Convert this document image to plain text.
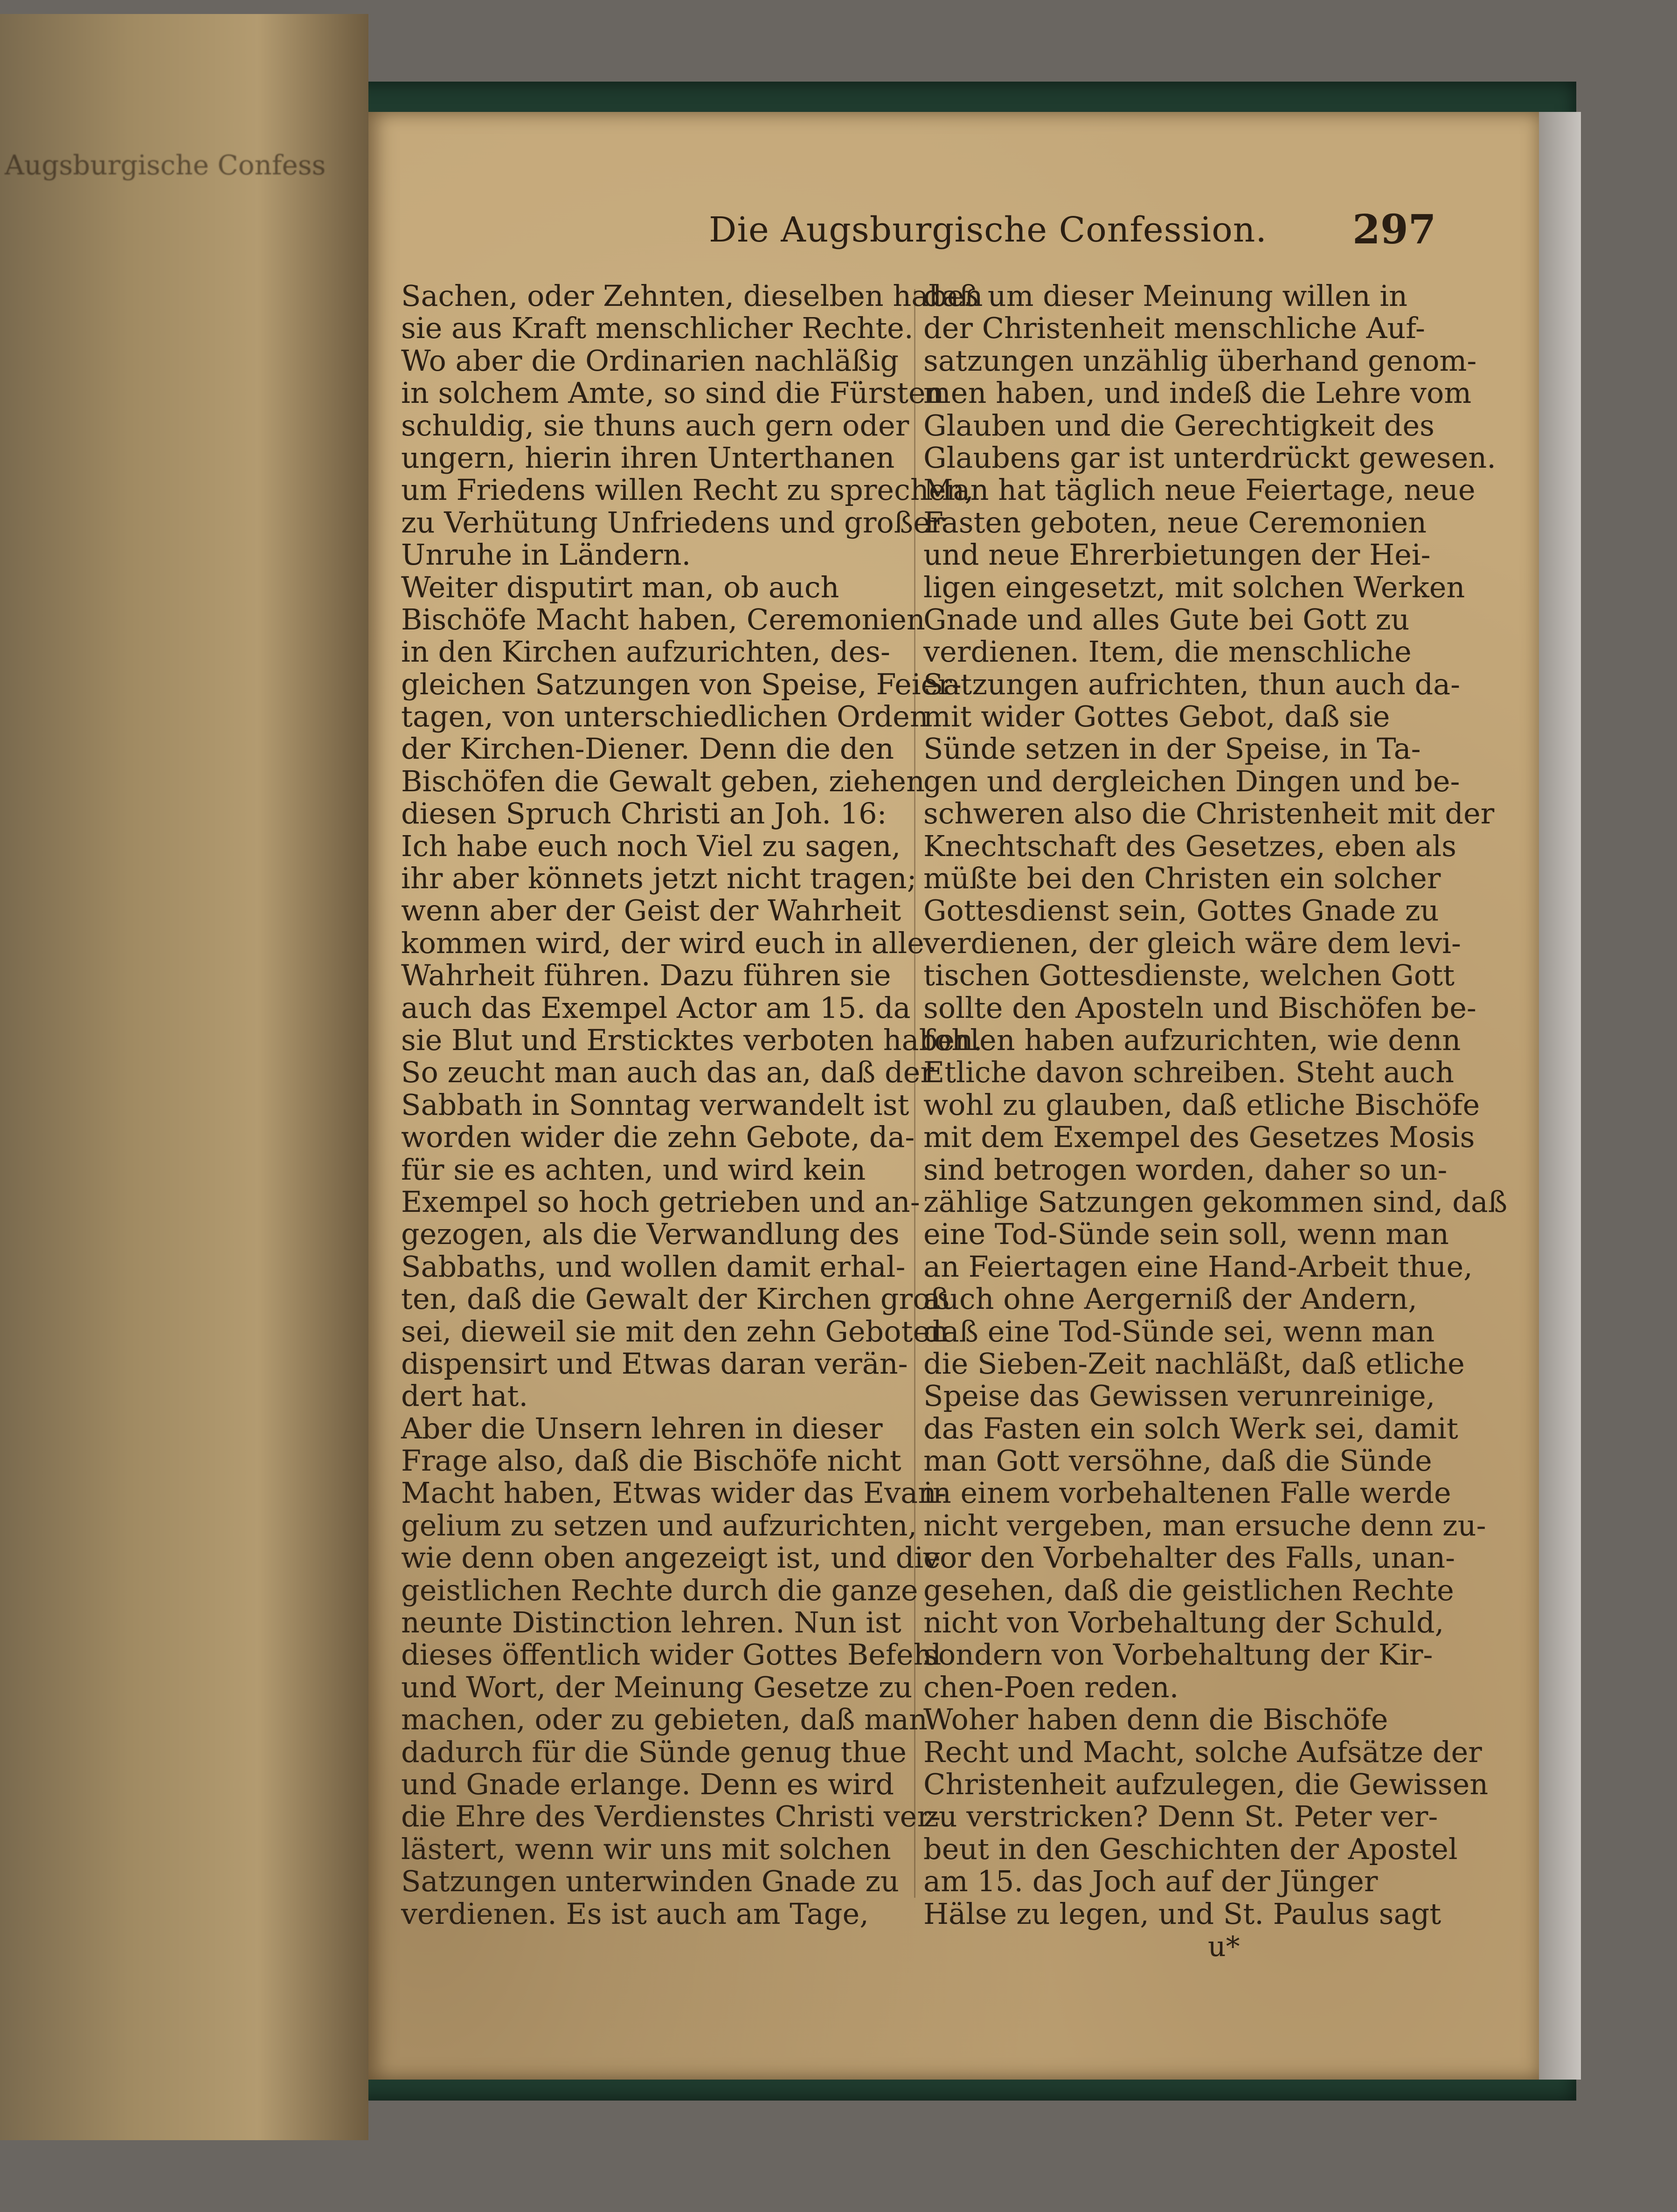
Augsburgische Confess
Die Augsburgische Confession. 297
Sachen, oder Zehnten, dieselben haben
sie aus Kraft menschlicher Rechte.
Wo aber die Ordinarien nachläßig
in solchem Amte, so sind die Fürsten
schuldig, sie thuns auch gern oder
ungern, hierin ihren Unterthanen
um Friedens willen Recht zu sprechen,
zu Verhütung Unfriedens und großer
Unruhe in Ländern.
Weiter disputirt man, ob auch
Bischöfe Macht haben, Ceremonien
in den Kirchen aufzurichten, des-
gleichen Satzungen von Speise, Feier-
tagen, von unterschiedlichen Orden
der Kirchen-Diener. Denn die den
Bischöfen die Gewalt geben, ziehen
diesen Spruch Christi an Joh. 16:
Ich habe euch noch Viel zu sagen,
ihr aber könnets jetzt nicht tragen;
wenn aber der Geist der Wahrheit
kommen wird, der wird euch in alle
Wahrheit führen. Dazu führen sie
auch das Exempel Actor am 15. da
sie Blut und Ersticktes verboten haben.
So zeucht man auch das an, daß der
Sabbath in Sonntag verwandelt ist
worden wider die zehn Gebote, da-
für sie es achten, und wird kein
Exempel so hoch getrieben und an-
gezogen, als die Verwandlung des
Sabbaths, und wollen damit erhal-
ten, daß die Gewalt der Kirchen groß
sei, dieweil sie mit den zehn Geboten
dispensirt und Etwas daran verän-
dert hat.
Aber die Unsern lehren in dieser
Frage also, daß die Bischöfe nicht
Macht haben, Etwas wider das Evan-
gelium zu setzen und aufzurichten,
wie denn oben angezeigt ist, und die
geistlichen Rechte durch die ganze
neunte Distinction lehren. Nun ist
dieses öffentlich wider Gottes Befehl
und Wort, der Meinung Gesetze zu
machen, oder zu gebieten, daß man
dadurch für die Sünde genug thue
und Gnade erlange. Denn es wird
die Ehre des Verdienstes Christi ver-
lästert, wenn wir uns mit solchen
Satzungen unterwinden Gnade zu
verdienen. Es ist auch am Tage,
daß um dieser Meinung willen in
der Christenheit menschliche Auf-
satzungen unzählig überhand genom-
men haben, und indeß die Lehre vom
Glauben und die Gerechtigkeit des
Glaubens gar ist unterdrückt gewesen.
Man hat täglich neue Feiertage, neue
Fasten geboten, neue Ceremonien
und neue Ehrerbietungen der Hei-
ligen eingesetzt, mit solchen Werken
Gnade und alles Gute bei Gott zu
verdienen. Item, die menschliche
Satzungen aufrichten, thun auch da-
mit wider Gottes Gebot, daß sie
Sünde setzen in der Speise, in Ta-
gen und dergleichen Dingen und be-
schweren also die Christenheit mit der
Knechtschaft des Gesetzes, eben als
müßte bei den Christen ein solcher
Gottesdienst sein, Gottes Gnade zu
verdienen, der gleich wäre dem levi-
tischen Gottesdienste, welchen Gott
sollte den Aposteln und Bischöfen be-
fohlen haben aufzurichten, wie denn
Etliche davon schreiben. Steht auch
wohl zu glauben, daß etliche Bischöfe
mit dem Exempel des Gesetzes Mosis
sind betrogen worden, daher so un-
zählige Satzungen gekommen sind, daß
eine Tod-Sünde sein soll, wenn man
an Feiertagen eine Hand-Arbeit thue,
auch ohne Aergerniß der Andern,
daß eine Tod-Sünde sei, wenn man
die Sieben-Zeit nachläßt, daß etliche
Speise das Gewissen verunreinige,
das Fasten ein solch Werk sei, damit
man Gott versöhne, daß die Sünde
in einem vorbehaltenen Falle werde
nicht vergeben, man ersuche denn zu-
vor den Vorbehalter des Falls, unan-
gesehen, daß die geistlichen Rechte
nicht von Vorbehaltung der Schuld,
sondern von Vorbehaltung der Kir-
chen-Poen reden.
Woher haben denn die Bischöfe
Recht und Macht, solche Aufsätze der
Christenheit aufzulegen, die Gewissen
zu verstricken? Denn St. Peter ver-
beut in den Geschichten der Apostel
am 15. das Joch auf der Jünger
Hälse zu legen, und St. Paulus sagt
u*
